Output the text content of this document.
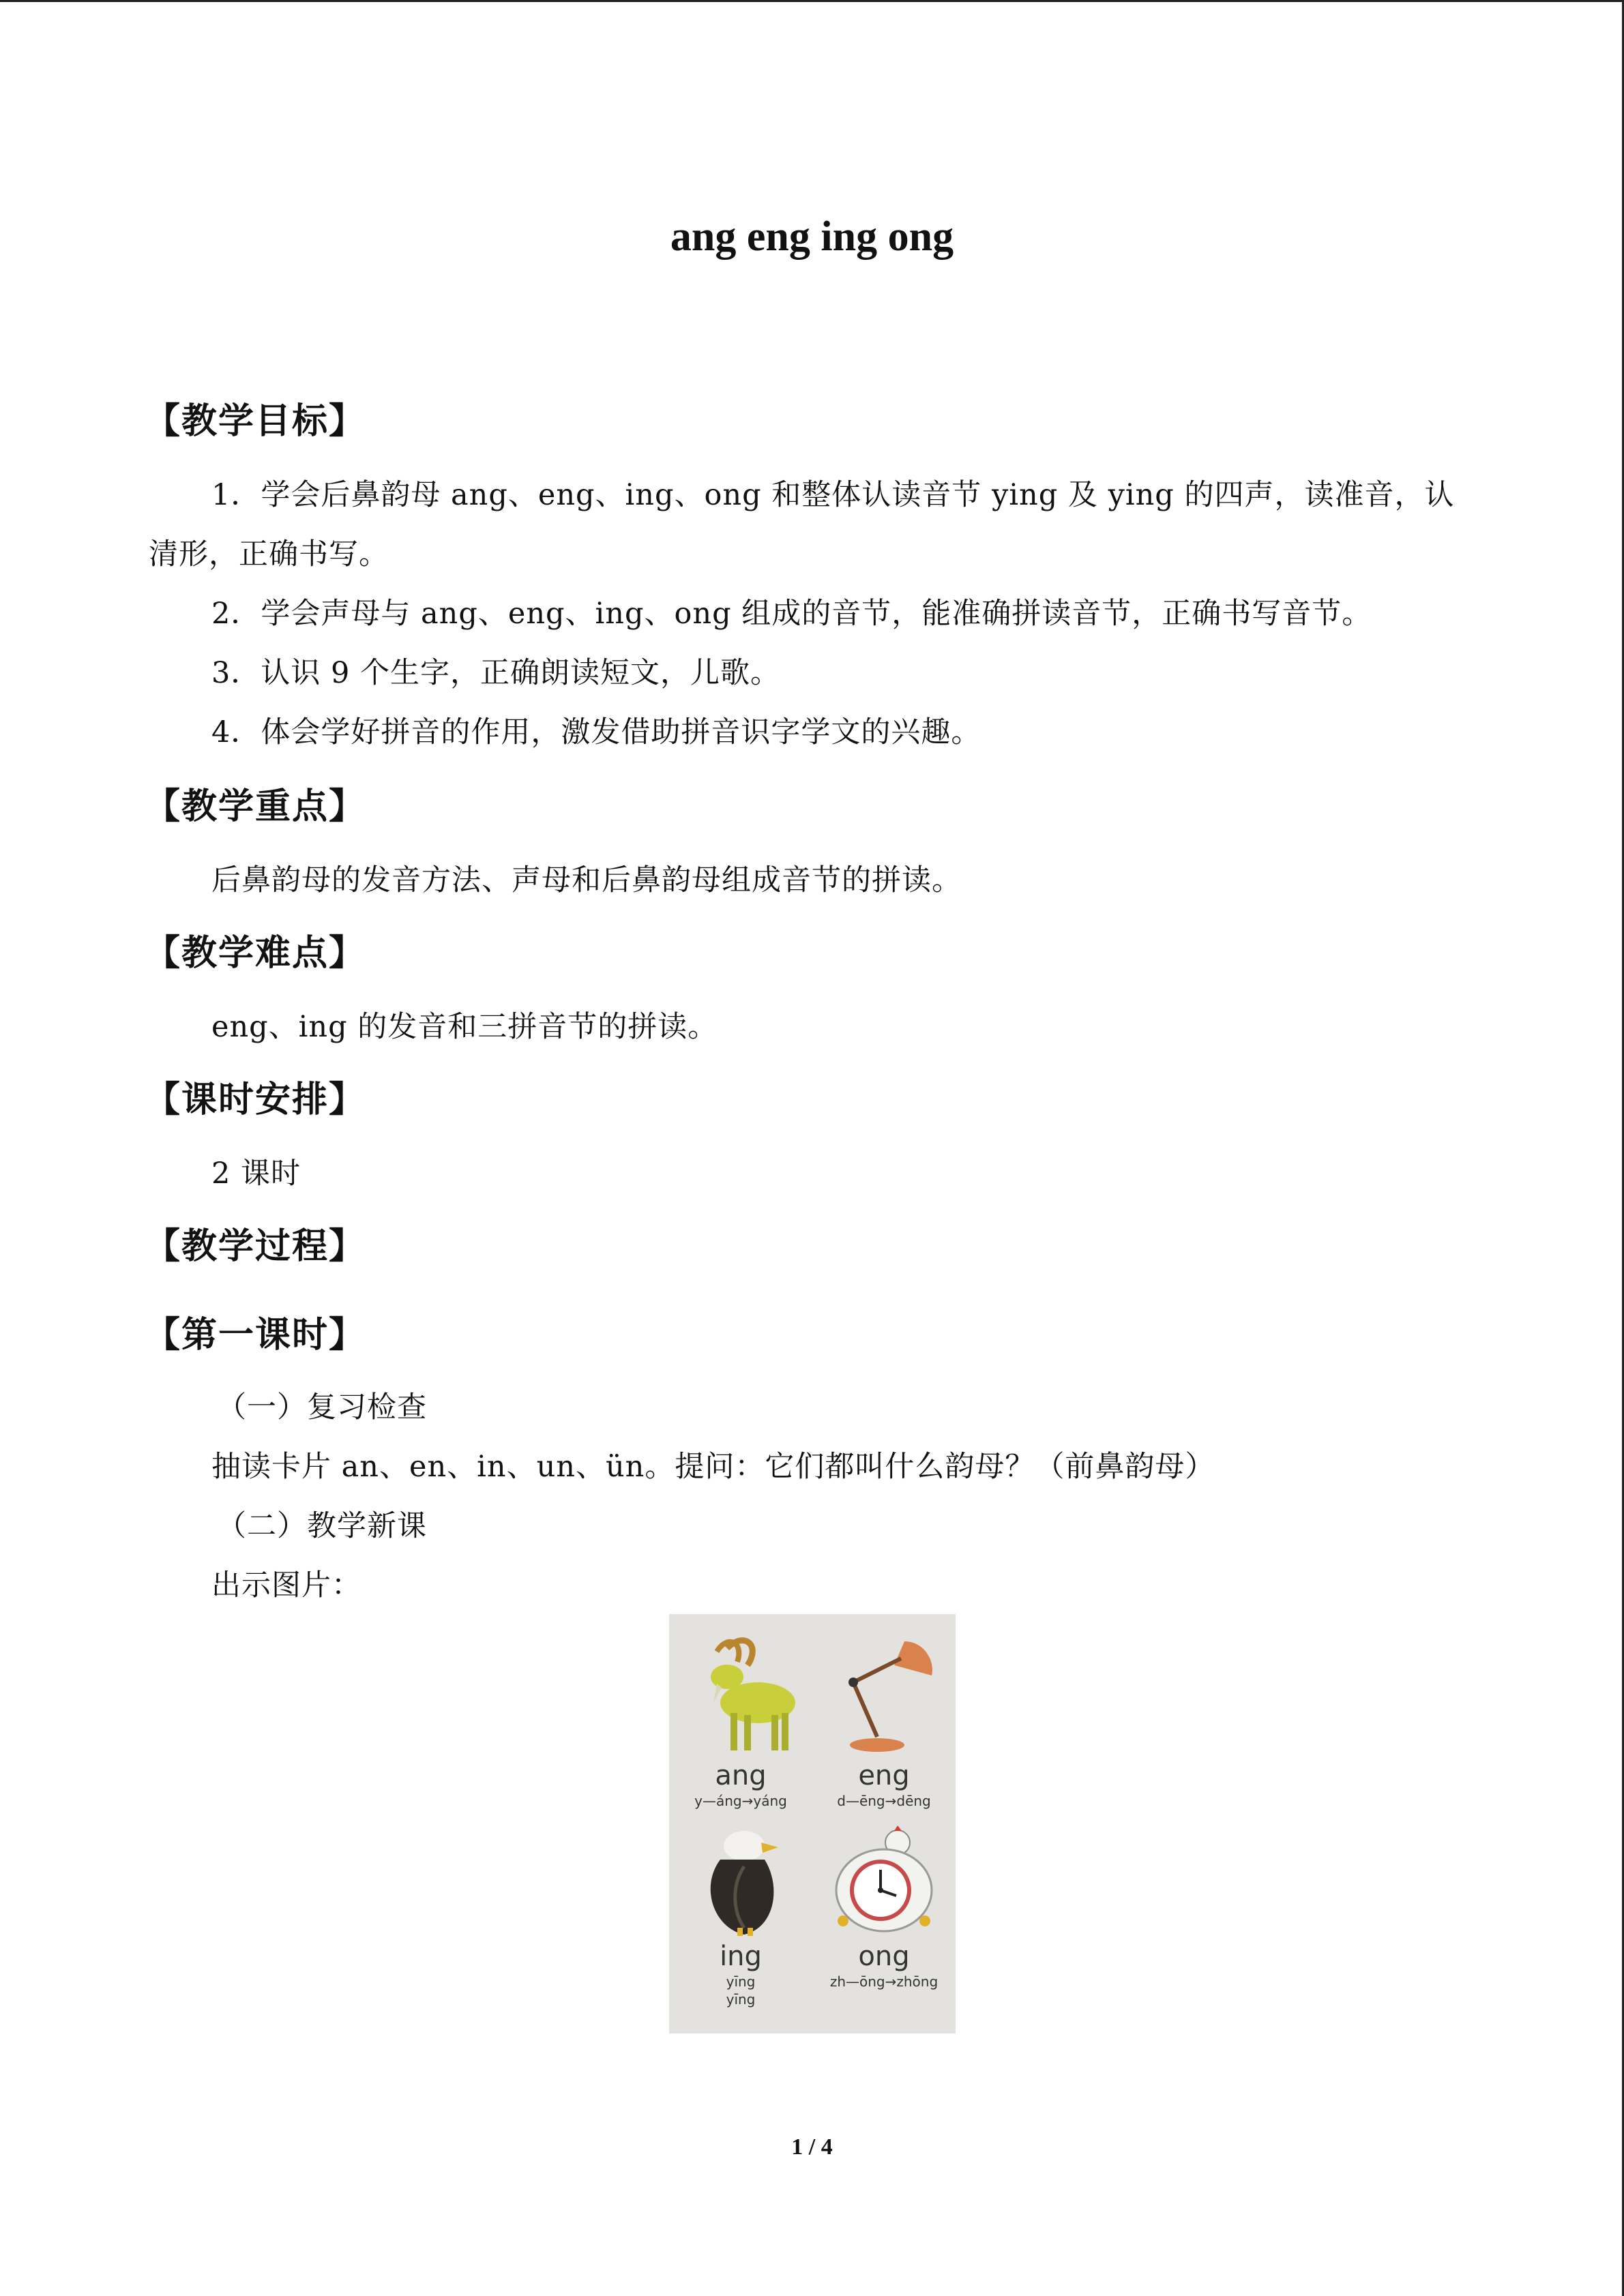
ang eng ing ong
【教学目标】
1．学会后鼻韵母 ang、eng、ing、ong 和整体认读音节 ying 及 ying 的四声，读准音，认
清形，正确书写。
2．学会声母与 ang、eng、ing、ong 组成的音节，能准确拼读音节，正确书写音节。
3．认识 9 个生字，正确朗读短文，儿歌。
4．体会学好拼音的作用，激发借助拼音识字学文的兴趣。
【教学重点】
后鼻韵母的发音方法、声母和后鼻韵母组成音节的拼读。
【教学难点】
eng、ing 的发音和三拼音节的拼读。
【课时安排】
2 课时
【教学过程】
【第一课时】
（一）复习检查
抽读卡片 an、en、in、un、ün。提问：它们都叫什么韵母？（前鼻韵母）
（二）教学新课
出示图片：
ang
y—áng→yáng
eng
d—ēng→dēng
ing
yīng
yīng
ong
zh—ōng→zhōng
1 / 4
